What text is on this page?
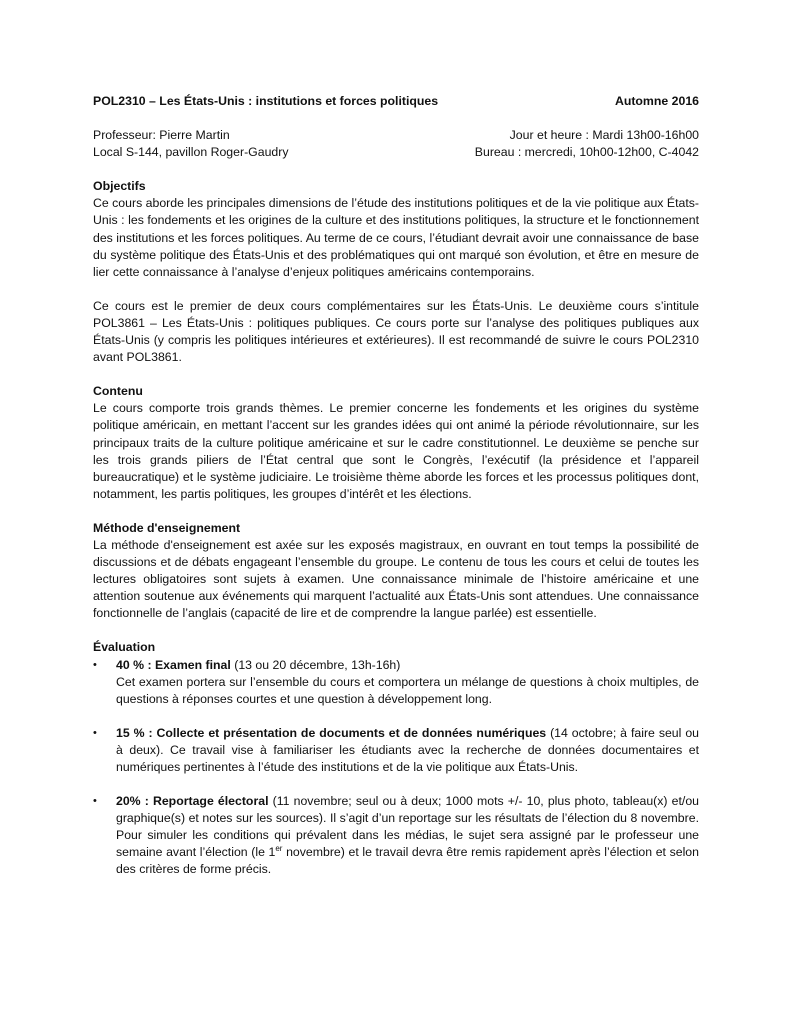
POL2310 – Les États-Unis : institutions et forces politiques	Automne 2016
Professeur: Pierre Martin	Jour et heure : Mardi 13h00-16h00
Local S-144, pavillon Roger-Gaudry	Bureau : mercredi, 10h00-12h00, C-4042
Objectifs

Ce cours aborde les principales dimensions de l’étude des institutions politiques et de la vie politique aux États-Unis : les fondements et les origines de la culture et des institutions politiques, la structure et le fonctionnement des institutions et les forces politiques. Au terme de ce cours, l’étudiant devrait avoir une connaissance de base du système politique des États-Unis et des problématiques qui ont marqué son évolution, et être en mesure de lier cette connaissance à l’analyse d’enjeux politiques américains contemporains.

Ce cours est le premier de deux cours complémentaires sur les États-Unis. Le deuxième cours s’intitule POL3861 – Les États-Unis : politiques publiques. Ce cours porte sur l’analyse des politiques publiques aux États-Unis (y compris les politiques intérieures et extérieures). Il est recommandé de suivre le cours POL2310 avant POL3861.

Contenu

Le cours comporte trois grands thèmes. Le premier concerne les fondements et les origines du système politique américain, en mettant l’accent sur les grandes idées qui ont animé la période révolutionnaire, sur les principaux traits de la culture politique américaine et sur le cadre constitutionnel. Le deuxième se penche sur les trois grands piliers de l’État central que sont le Congrès, l’exécutif (la présidence et l’appareil bureaucratique) et le système judiciaire. Le troisième thème aborde les forces et les processus politiques dont, notamment, les partis politiques, les groupes d’intérêt et les élections.

Méthode d'enseignement

La méthode d'enseignement est axée sur les exposés magistraux, en ouvrant en tout temps la possibilité de discussions et de débats engageant l’ensemble du groupe. Le contenu de tous les cours et celui de toutes les lectures obligatoires sont sujets à examen. Une connaissance minimale de l’histoire américaine et une attention soutenue aux événements qui marquent l’actualité aux États-Unis sont attendues. Une connaissance fonctionnelle de l’anglais (capacité de lire et de comprendre la langue parlée) est essentielle.

Évaluation
• 40 % : Examen final (13 ou 20 décembre, 13h-16h)
Cet examen portera sur l’ensemble du cours et comportera un mélange de questions à choix multiples, de questions à réponses courtes et une question à développement long.
• 15 % : Collecte et présentation de documents et de données numériques (14 octobre; à faire seul ou à deux). Ce travail vise à familiariser les étudiants avec la recherche de données documentaires et numériques pertinentes à l’étude des institutions et de la vie politique aux États-Unis.
• 20% : Reportage électoral (11 novembre; seul ou à deux; 1000 mots +/- 10, plus photo, tableau(x) et/ou graphique(s) et notes sur les sources). Il s’agit d’un reportage sur les résultats de l’élection du 8 novembre. Pour simuler les conditions qui prévalent dans les médias, le sujet sera assigné par le professeur une semaine avant l’élection (le 1er novembre) et le travail devra être remis rapidement après l’élection et selon des critères de forme précis.
